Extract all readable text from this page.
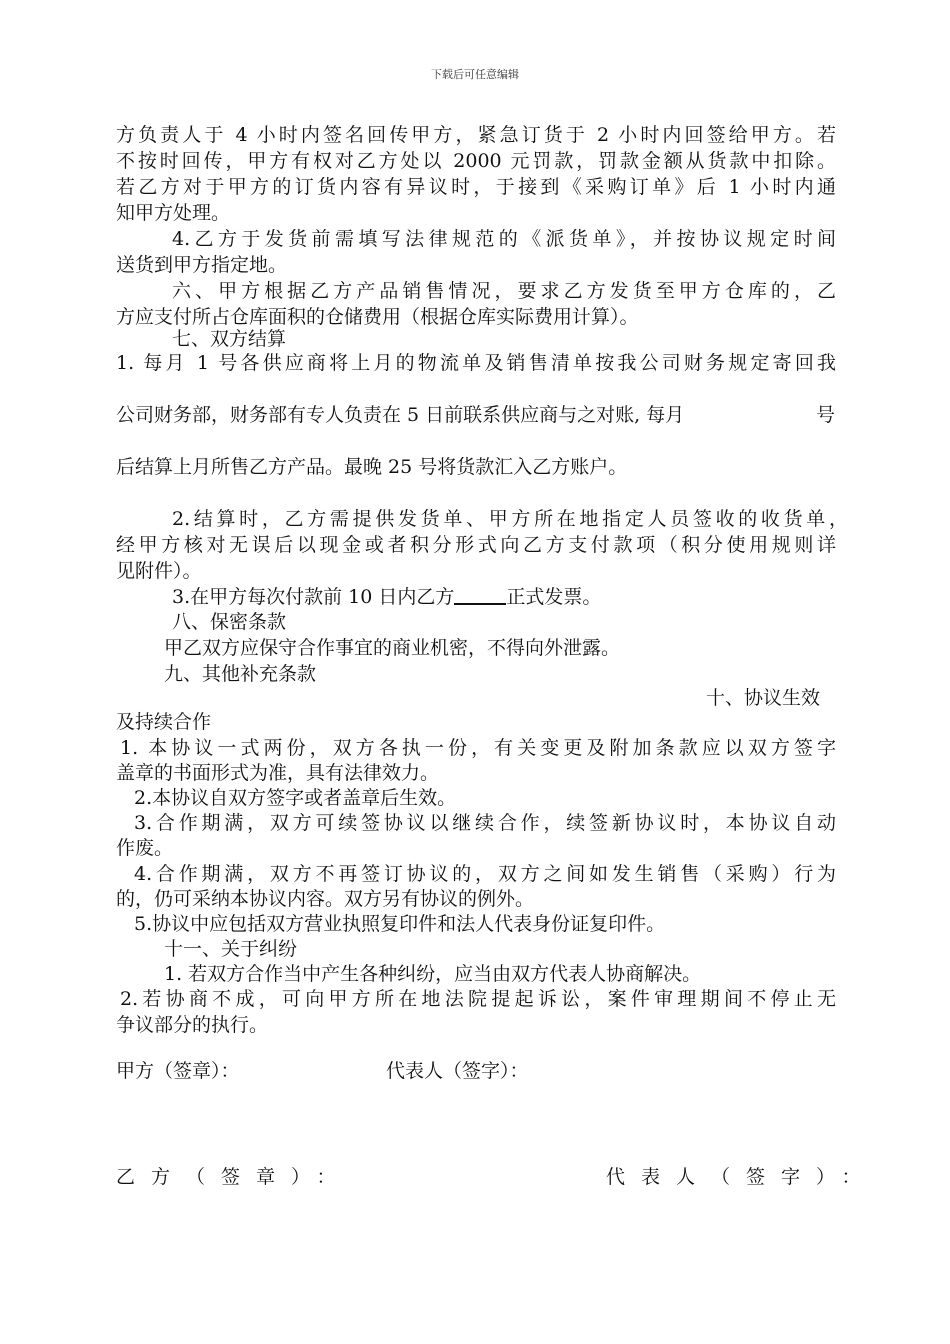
下载后可任意编辑
方负责人于 4 小时内签名回传甲方，紧急订货于 2 小时内回签给甲方。若
不按时回传，甲方有权对乙方处以 2000 元罚款，罚款金额从货款中扣除。
若乙方对于甲方的订货内容有异议时，于接到《采购订单》后 1 小时内通
知甲方处理。
4.乙方于发货前需填写法律规范的《派货单》，并按协议规定时间
送货到甲方指定地。
六、甲方根据乙方产品销售情况，要求乙方发货至甲方仓库的，乙
方应支付所占仓库面积的仓储费用（根据仓库实际费用计算）。
七、双方结算
1. 每月 1 号各供应商将上月的物流单及销售清单按我公司财务规定寄回我
公司财务部，财务部有专人负责在 5 日前联系供应商与之对账, 每月	号
后结算上月所售乙方产品。最晚 25 号将货款汇入乙方账户。
2.结算时，乙方需提供发货单、甲方所在地指定人员签收的收货单，
经甲方核对无误后以现金或者积分形式向乙方支付款项（积分使用规则详
见附件）。
3.在甲方每次付款前 10 日内乙方	正式发票。
八、保密条款
甲乙双方应保守合作事宜的商业机密，不得向外泄露。
九、其他补充条款
十、协议生效
及持续合作
1. 本协议一式两份，双方各执一份，有关变更及附加条款应以双方签字
盖章的书面形式为准，具有法律效力。
2.本协议自双方签字或者盖章后生效。
3.合作期满，双方可续签协议以继续合作，续签新协议时，本协议自动
作废。
4.合作期满，双方不再签订协议的，双方之间如发生销售（采购）行为
的，仍可采纳本协议内容。双方另有协议的例外。
5.协议中应包括双方营业执照复印件和法人代表身份证复印件。
十一、关于纠纷
1. 若双方合作当中产生各种纠纷，应当由双方代表人协商解决。
2.若协商不成，可向甲方所在地法院提起诉讼，案件审理期间不停止无
争议部分的执行。
甲方（签章）：	代表人（签字）：
乙方（签章）：	代表人（签字）：
